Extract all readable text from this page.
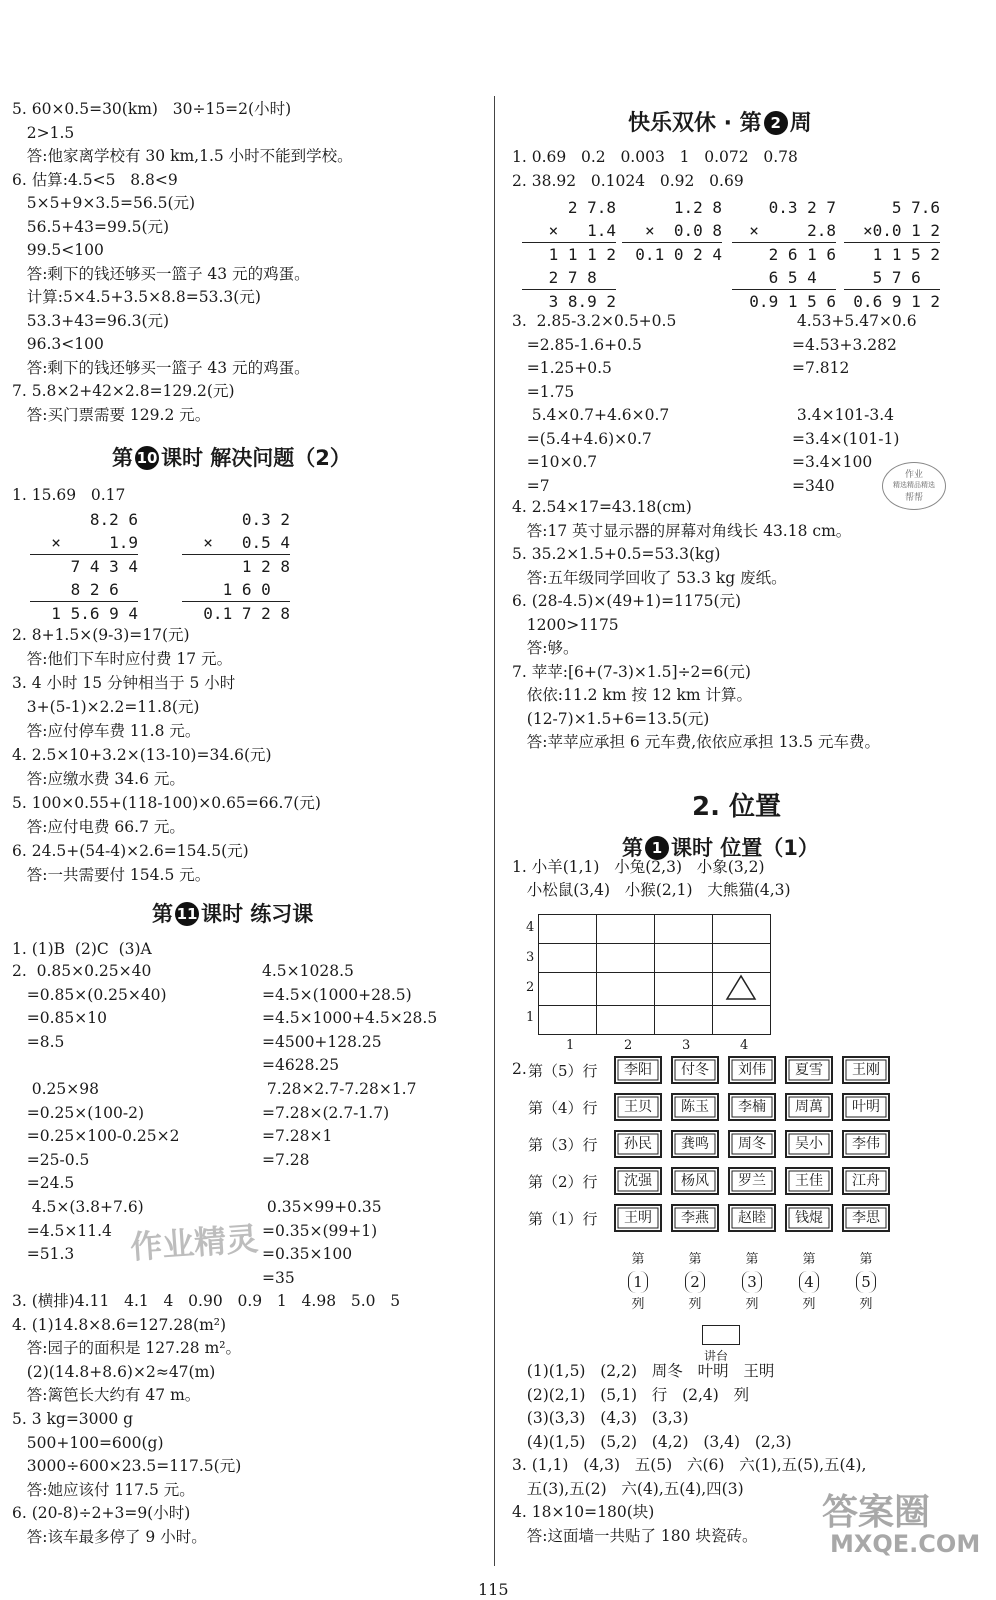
5. 60×0.5=30(km)   30÷15=2(小时)
2>1.5
答:他家离学校有 30 km,1.5 小时不能到学校。
6. 估算:4.5<5   8.8<9
5×5+9×3.5=56.5(元)
56.5+43=99.5(元)
99.5<100
答:剩下的钱还够买一篮子 43 元的鸡蛋。
计算:5×4.5+3.5×8.8=53.3(元)
53.3+43=96.3(元)
96.3<100
答:剩下的钱还够买一篮子 43 元的鸡蛋。
7. 5.8×2+42×2.8=129.2(元)
答:买门票需要 129.2 元。
第 10 课时 解决问题（2）
1. 15.69   0.17
8.2 6
×     1.9
7 4 3 4
8 2 6
1 5.6 9 4
0.3 2
×   0.5 4
1 2 8
1 6 0
0.1 7 2 8
2. 8+1.5×(9-3)=17(元)
答:他们下车时应付费 17 元。
3. 4 小时 15 分钟相当于 5 小时
3+(5-1)×2.2=11.8(元)
答:应付停车费 11.8 元。
4. 2.5×10+3.2×(13-10)=34.6(元)
答:应缴水费 34.6 元。
5. 100×0.55+(118-100)×0.65=66.7(元)
答:应付电费 66.7 元。
6. 24.5+(54-4)×2.6=154.5(元)
答:一共需要付 154.5 元。
第 11 课时 练习课
1. (1)B  (2)C  (3)A
2.  0.85×0.25×40
=0.85×(0.25×40)
=0.85×10
=8.5
0.25×98
=0.25×(100-2)
=0.25×100-0.25×2
=25-0.5
=24.5
4.5×(3.8+7.6)
=4.5×11.4
=51.3
4.5×1028.5
=4.5×(1000+28.5)
=4.5×1000+4.5×28.5
=4500+128.25
=4628.25
7.28×2.7-7.28×1.7
=7.28×(2.7-1.7)
=7.28×1
=7.28
0.35×99+0.35
=0.35×(99+1)
=0.35×100
=35
3. (横排)4.11   4.1   4   0.90   0.9   1   4.98   5.0   5
4. (1)14.8×8.6=127.28(m²)
答:园子的面积是 127.28 m²。
(2)(14.8+8.6)×2≈47(m)
答:篱笆长大约有 47 m。
5. 3 kg=3000 g
500+100=600(g)
3000÷600×23.5=117.5(元)
答:她应该付 117.5 元。
6. (20-8)÷2+3=9(小时)
答:该车最多停了 9 小时。
快乐双休 · 第 2 周
1. 0.69   0.2   0.003   1   0.072   0.78
2. 38.92   0.1024   0.92   0.69
2 7.8
×   1.4
1 1 1 2
2 7 8
3 8.9 2
1.2 8
×  0.0 8
0.1 0 2 4
0.3 2 7
×     2.8
2 6 1 6
6 5 4
0.9 1 5 6
5 7.6
×0.0 1 2
1 1 5 2
5 7 6
0.6 9 1 2
3.  2.85-3.2×0.5+0.5
=2.85-1.6+0.5
=1.25+0.5
=1.75
5.4×0.7+4.6×0.7
=(5.4+4.6)×0.7
=10×0.7
=7
4.53+5.47×0.6
=4.53+3.282
=7.812
3.4×101-3.4
=3.4×(101-1)
=3.4×100
=340
作业
精选精品精选
帮帮
4. 2.54×17=43.18(cm)
答:17 英寸显示器的屏幕对角线长 43.18 cm。
5. 35.2×1.5+0.5=53.3(kg)
答:五年级同学回收了 53.3 kg 废纸。
6. (28-4.5)×(49+1)=1175(元)
1200>1175
答:够。
7. 苹苹:[6+(7-3)×1.5]÷2=6(元)
依依:11.2 km 按 12 km 计算。
(12-7)×1.5+6=13.5(元)
答:苹苹应承担 6 元车费,依依应承担 13.5 元车费。
2. 位置
第 1 课时 位置（1）
1. 小羊(1,1)   小兔(2,3)   小象(3,2)
小松鼠(3,4)   小猴(2,1)   大熊猫(4,3)

4
3
2
1
1	2	3	4
2. 第（5）行	李阳	付冬	刘伟	夏雪	王刚
第（4）行	王贝	陈玉	李楠	周萬	叶明
第（3）行	孙民	龚鸣	周冬	吴小	李伟
第（2）行	沈强	杨风	罗兰	王佳	江舟
第（1）行	王明	李燕	赵睦	钱焜	李思
第
1
列
第
2
列
第
3
列
第
4
列
第
5
列
讲台
(1)(1,5)   (2,2)   周冬   叶明   王明
(2)(2,1)   (5,1)   行   (2,4)   列
(3)(3,3)   (4,3)   (3,3)
(4)(1,5)   (5,2)   (4,2)   (3,4)   (2,3)
3. (1,1)   (4,3)   五(5)   六(6)   六(1),五(5),五(4),
五(3),五(2)   六(4),五(4),四(3)
4. 18×10=180(块)
答:这面墙一共贴了 180 块瓷砖。
作业精灵
答案圈
MXQE.COM
115
